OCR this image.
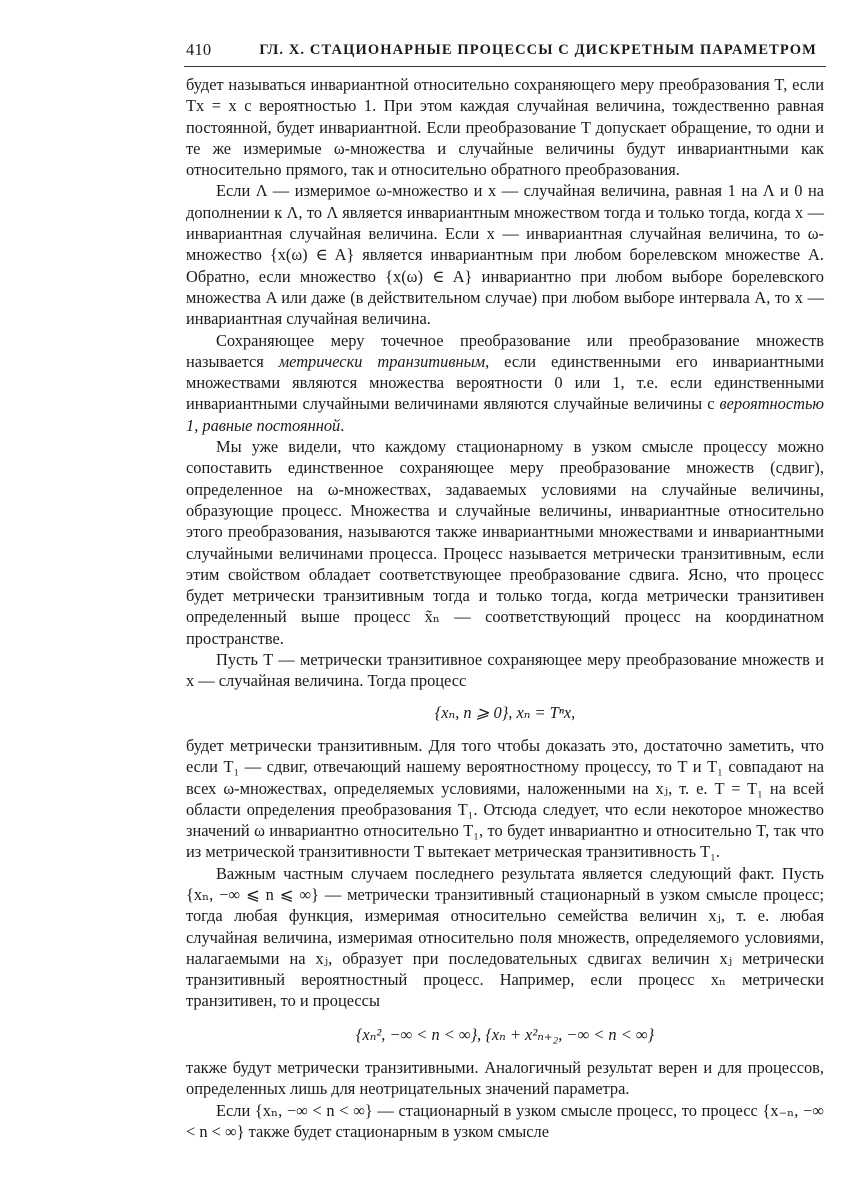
410	ГЛ. X. СТАЦИОНАРНЫЕ ПРОЦЕССЫ С ДИСКРЕТНЫМ ПАРАМЕТРОМ

будет называться инвариантной относительно сохраняющего меру преобразования T, если Tx = x с вероятностью 1. При этом каждая случайная величина, тождественно равная постоянной, будет инвариантной. Если преобразование T допускает обращение, то одни и те же измеримые ω-множества и случайные величины будут инвариантными как относительно прямого, так и относительно обратного преобразования.

Если Λ — измеримое ω-множество и x — случайная величина, равная 1 на Λ и 0 на дополнении к Λ, то Λ является инвариантным множеством тогда и только тогда, когда x — инвариантная случайная величина. Если x — инвариантная случайная величина, то ω-множество {x(ω) ∈ A} является инвариантным при любом борелевском множестве A. Обратно, если множество {x(ω) ∈ A} инвариантно при любом выборе борелевского множества A или даже (в действительном случае) при любом выборе интервала A, то x — инвариантная случайная величина.

Сохраняющее меру точечное преобразование или преобразование множеств называется метрически транзитивным, если единственными его инвариантными множествами являются множества вероятности 0 или 1, т.е. если единственными инвариантными случайными величинами являются случайные величины с вероятностью 1, равные постоянной.

Мы уже видели, что каждому стационарному в узком смысле процессу можно сопоставить единственное сохраняющее меру преобразование множеств (сдвиг), определенное на ω-множествах, задаваемых условиями на случайные величины, образующие процесс. Множества и случайные величины, инвариантные относительно этого преобразования, называются также инвариантными множествами и инвариантными случайными величинами процесса. Процесс называется метрически транзитивным, если этим свойством обладает соответствующее преобразование сдвига. Ясно, что процесс будет метрически транзитивным тогда и только тогда, когда метрически транзитивен определенный выше процесс x̃ₙ — соответствующий процесс на координатном пространстве.

Пусть T — метрически транзитивное сохраняющее меру преобразование множеств и x — случайная величина. Тогда процесс

{xₙ, n ⩾ 0}, xₙ = Tⁿx,

будет метрически транзитивным. Для того чтобы доказать это, достаточно заметить, что если T₁ — сдвиг, отвечающий нашему вероятностному процессу, то T и T₁ совпадают на всех ω-множествах, определяемых условиями, наложенными на xⱼ, т. е. T = T₁ на всей области определения преобразования T₁. Отсюда следует, что если некоторое множество значений ω инвариантно относительно T₁, то будет инвариантно и относительно T, так что из метрической транзитивности T вытекает метрическая транзитивность T₁.

Важным частным случаем последнего результата является следующий факт. Пусть {xₙ, −∞ ⩽ n ⩽ ∞} — метрически транзитивный стационарный в узком смысле процесс; тогда любая функция, измеримая относительно семейства величин xⱼ, т. е. любая случайная величина, измеримая относительно поля множеств, определяемого условиями, налагаемыми на xⱼ, образует при последовательных сдвигах величин xⱼ метрически транзитивный вероятностный процесс. Например, если процесс xₙ метрически транзитивен, то и процессы

{xₙ², −∞ < n < ∞}, {xₙ + x²ₙ₊₂, −∞ < n < ∞}

также будут метрически транзитивными. Аналогичный результат верен и для процессов, определенных лишь для неотрицательных значений параметра.

Если {xₙ, −∞ < n < ∞} — стационарный в узком смысле процесс, то процесс {x₋ₙ, −∞ < n < ∞} также будет стационарным в узком смысле
